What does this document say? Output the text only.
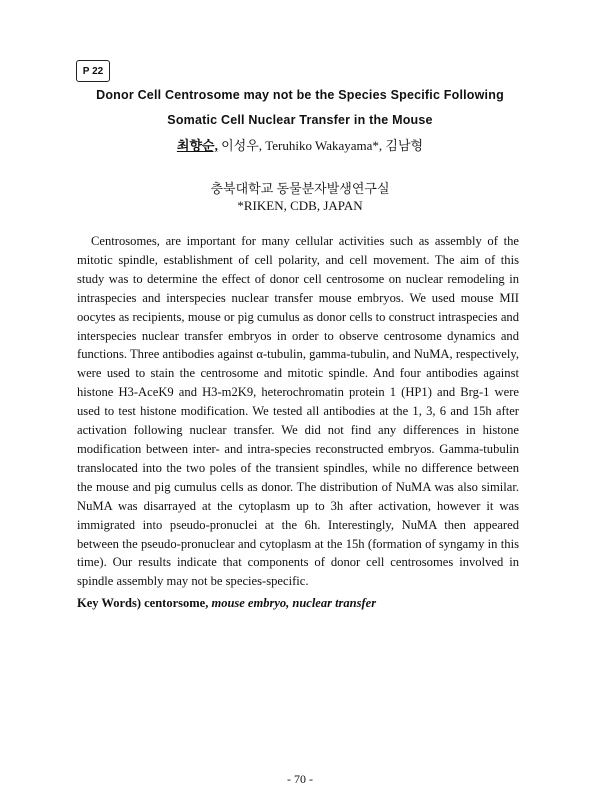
P 22
Donor Cell Centrosome may not be the Species Specific Following
Somatic Cell Nuclear Transfer in the Mouse
최향순, 이성우, Teruhiko Wakayama*, 김남형
충북대학교 동물분자발생연구실
*RIKEN, CDB, JAPAN

Centrosomes, are important for many cellular activities such as assembly of the mitotic spindle, establishment of cell polarity, and cell movement. The aim of this study was to determine the effect of donor cell centrosome on nuclear remodeling in intraspecies and interspecies nuclear transfer mouse embryos. We used mouse MII oocytes as recipients, mouse or pig cumulus as donor cells to construct intraspecies and interspecies nuclear transfer embryos in order to observe centrosome dynamics and functions. Three antibodies against α-tubulin, gamma-tubulin, and NuMA, respectively, were used to stain the centrosome and mitotic spindle. And four antibodies against histone H3-AceK9 and H3-m2K9, heterochromatin protein 1 (HP1) and Brg-1 were used to test histone modification. We tested all antibodies at the 1, 3, 6 and 15h after activation following nuclear transfer. We did not find any differences in histone modification between inter- and intra-species reconstructed embryos. Gamma-tubulin translocated into the two poles of the transient spindles, while no difference between the mouse and pig cumulus cells as donor. The distribution of NuMA was also similar. NuMA was disarrayed at the cytoplasm up to 3h after activation, however it was immigrated into pseudo-pronuclei at the 6h. Interestingly, NuMA then appeared between the pseudo-pronuclear and cytoplasm at the 15h (formation of syngamy in this time). Our results indicate that components of donor cell centrosomes involved in spindle assembly may not be species-specific.

Key Words) centorsome, mouse embryo, nuclear transfer
- 70 -
